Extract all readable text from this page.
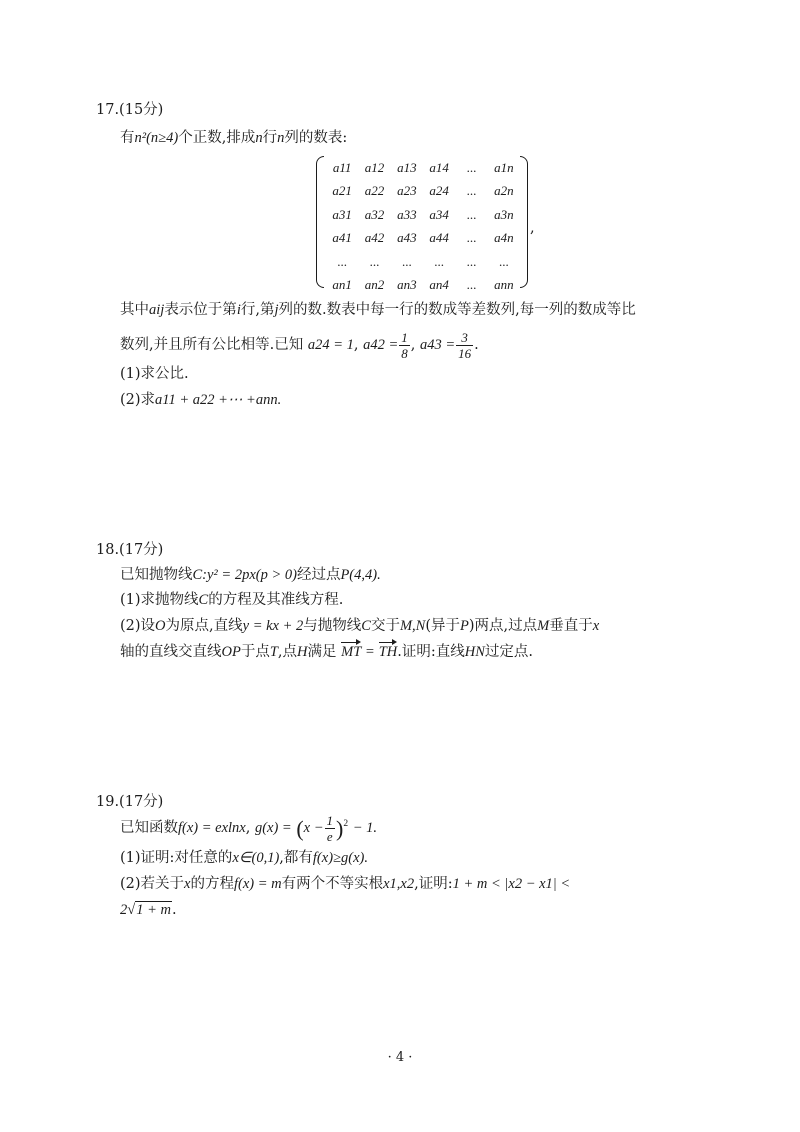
17.(15分)
有n²(n≥4)个正数,排成n行n列的数表:
a11	a12	a13	a14	...	a1n
a21	a22	a23	a24	...	a2n
a31	a32	a33	a34	...	a3n
a41	a42	a43	a44	...	a4n
...	...	...	...	...	...
an1	an2	an3	an4	...	ann
,
其中aij表示位于第i行,第j列的数.数表中每一行的数成等差数列,每一列的数成等比
数列,并且所有公比相等.已知 a24 = 1, $a42 = \frac{1}{8}$ , $a43 = \frac{3}{16}$ .
(1)求公比.
(2)求a11 + a22 +⋯ +ann.
18.(17分)
已知抛物线C:y² = 2px(p > 0)经过点P(4,4).
(1)求抛物线C的方程及其准线方程.
(2)设O为原点,直线y = kx + 2与抛物线C交于M,N(异于P)两点,过点M垂直于x
轴的直线交直线OP于点T,点H满足 MT = TH.证明:直线HN过定点.
19.(17分)
已知函数f(x) = exlnx, $g(x) = (x - \frac{1}{e} )^2 - 1$.
(1)证明:对任意的x∈(0,1),都有f(x)≥g(x).
(2)若关于x的方程f(x) = m有两个不等实根x1,x2,证明:1 + m < |x2 − x1| <
2√1 + m.
· 4 ·
